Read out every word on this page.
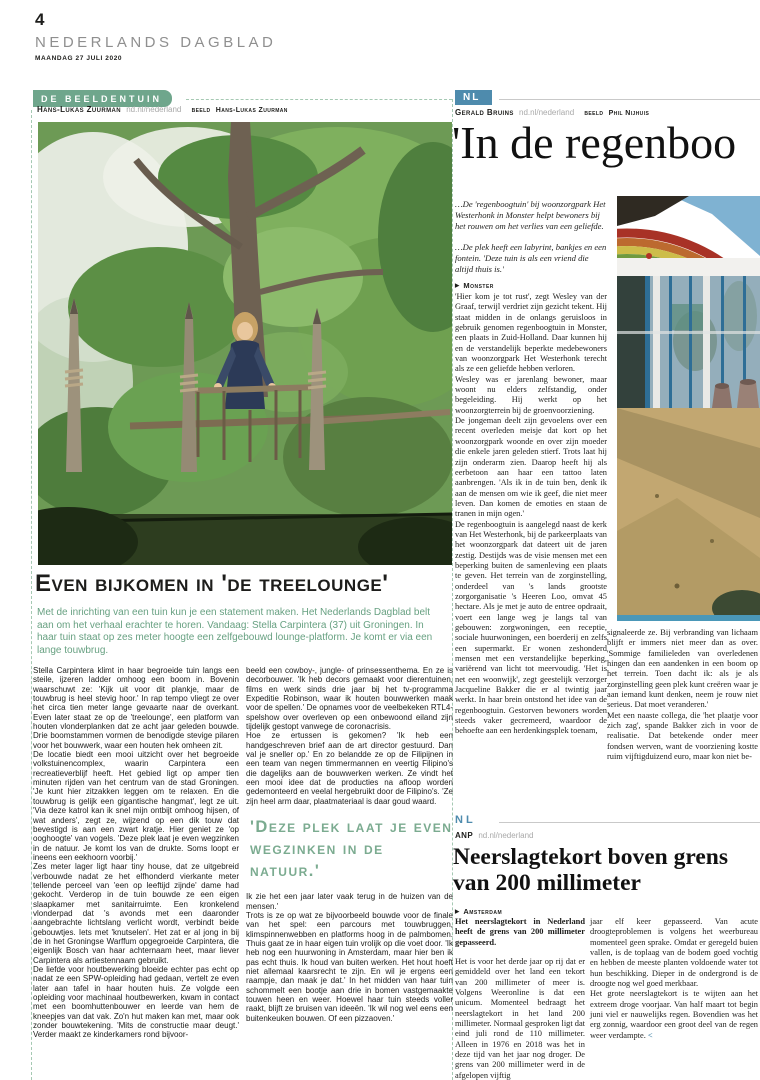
4
NEDERLANDS DAGBLAD
MAANDAG 27 JULI 2020
DE BEELDENTUIN
Hans-Lukas Zuurman nd.nl/nederland beeld Hans-Lukas Zuurman
Even bijkomen in 'de treelounge'

Met de inrichting van een tuin kun je een statement maken. Het Nederlands Dagblad belt aan om het verhaal erachter te horen. Vandaag: Stella Carpintera (37) uit Groningen. In haar tuin staat op zes meter hoogte een zelfgebouwd lounge-platform. Je komt er via een lange touwbrug.

Stella Carpintera klimt in haar begroeide tuin langs een steile, ijzeren ladder omhoog een boom in. Bovenin waarschuwt ze: 'Kijk uit voor dit plankje, maar de touwbrug is heel stevig hoor.' In rap tempo vliegt ze over het circa tien meter lange gevaarte naar de overkant. Even later staat ze op de 'treelounge', een platform van houten vlonderplanken dat ze acht jaar geleden bouwde. Drie boomstammen vormen de benodigde stevige pilaren voor het bouwwerk, waar een houten hek omheen zit.

De locatie biedt een mooi uitzicht over het begroeide volkstuinencomplex, waarin Carpintera een recreatieverblijf heeft. Het gebied ligt op amper tien minuten rijden van het centrum van de stad Groningen. 'Je kunt hier zitzakken leggen om te relaxen. En die touwbrug is gelijk een gigantische hangmat', legt ze uit. 'Via deze katrol kan ik snel mijn ontbijt omhoog hijsen, of wat anders', zegt ze, wijzend op een dik touw dat bevestigd is aan een zwart kratje. Hier geniet ze 'op ooghoogte' van vogels. 'Deze plek laat je even wegzinken in de natuur. Je komt los van de drukte. Soms loopt er ineens een eekhoorn voorbij.'

Zes meter lager ligt haar tiny house, dat ze uitgebreid verbouwde nadat ze het elfhonderd vierkante meter tellende perceel van 'een op leeftijd zijnde' dame had gekocht. Verderop in de tuin bouwde ze een eigen slaapkamer met sanitairruimte. Een kronkelend vlonderpad dat 's avonds met een daaronder aangebrachte lichtslang verlicht wordt, verbindt beide gebouwtjes. Iets met 'knutselen'. Het zat er al jong in bij de in het Groningse Warffum opgegroeide Carpintera, die eigenlijk Bosch van haar achternaam heet, maar liever Carpintera als artiestennaam gebruikt.

De liefde voor houtbewerking bloeide echter pas echt op nadat ze een SPW-opleiding had gedaan, vertelt ze even later aan tafel in haar houten huis. Ze volgde een opleiding voor machinaal houtbewerken, kwam in contact met een boomhuttenbouwer en leerde van hem de kneepjes van dat vak. Zo'n hut maken kan met, maar ook zonder bouwtekening. 'Mits de constructie maar deugt.' Verder maakt ze kinderkamers rond bijvoor-

beeld een cowboy-, jungle- of prinsessenthema. En ze is decorbouwer. 'Ik heb decors gemaakt voor dierentuinen, films en werk sinds drie jaar bij het tv-programma Expeditie Robinson, waar ik houten bouwwerken maak voor de spellen.' De opnames voor de veelbekeken RTL4-spelshow over overleven op een onbewoond eiland zijn tijdelijk gestopt vanwege de coronacrisis.

Hoe ze ertussen is gekomen? 'Ik heb een handgeschreven brief aan de art director gestuurd. Dan val je sneller op.' En zo belandde ze op de Filipijnen in een team van negen timmermannen en veertig Filipino's die dagelijks aan de bouwwerken werken. Ze vindt het een mooi idee dat de producties na afloop worden gedemonteerd en veelal hergebruikt door de Filipino's. 'Ze zijn heel arm daar, plaatmateriaal is daar goud waard.

'Deze plek laat je even wegzinken in de natuur.'

Ik zie het een jaar later vaak terug in de huizen van de mensen.'

Trots is ze op wat ze bijvoorbeeld bouwde voor de finale van het spel: een parcours met touwbruggen, klimspinnenwebben en platforms hoog in de palmbomen. Thuis gaat ze in haar eigen tuin vrolijk op die voet door. 'Ik heb nog een huurwoning in Amsterdam, maar hier ben ik pas echt thuis. Ik houd van buiten werken. Het hout hoeft niet allemaal kaarsrecht te zijn. En wil je ergens een raampje, dan maak je dat.' In het midden van haar tuin schommelt een bootje aan drie in bomen vastgemaakte touwen heen en weer. Hoewel haar tuin steeds voller raakt, blijft ze bruisen van ideeën. 'Ik wil nog wel eens een buitenkeuken bouwen. Of een pizzaoven.'

NL
Gerald Bruins nd.nl/nederland beeld Phil Nijhuis
'In de regenboo

…De 'regenboogtuin' bij woonzorgpark Het Westerhonk in Monster helpt bewoners bij het rouwen om het verlies van een geliefde.

…De plek heeft een labyrint, bankjes en een fontein. 'Deze tuin is als een vriend die altijd thuis is.'

▶ Monster

'Hier kom je tot rust', zegt Wesley van der Graaf, terwijl verdriet zijn gezicht tekent. Hij staat midden in de onlangs geruisloos in gebruik genomen regenboogtuin in Monster, een plaats in Zuid-Holland. Daar kunnen hij en de verstandelijk beperkte medebewoners van woonzorgpark Het Westerhonk terecht als ze een geliefde hebben verloren.

Wesley was er jarenlang bewoner, maar woont nu elders zelfstandig, onder begeleiding. Hij werkt op het woonzorgterrein bij de groenvoorziening.

De jongeman deelt zijn gevoelens over een recent overleden meisje dat kort op het woonzorgpark woonde en over zijn moeder die enkele jaren geleden stierf. Trots laat hij zijn onderarm zien. Daarop heeft hij als eerbetoon aan haar een tattoo laten aanbrengen. 'Als ik in de tuin ben, denk ik aan de mensen om wie ik geef, die niet meer leven. Dan komen de emoties en staan de tranen in mijn ogen.'

De regenboogtuin is aangelegd naast de kerk van Het Westerhonk, bij de parkeerplaats van het woonzorgpark dat dateert uit de jaren zestig. Destijds was de visie mensen met een beperking buiten de samenleving een plaats te geven. Het terrein van de zorginstelling, onderdeel van 's lands grootste zorgorganisatie 's Heeren Loo, omvat 45 hectare. Als je met je auto de entree opdraait, voert een lange weg je langs tal van gebouwen: zorgwoningen, een receptie, sociale huurwoningen, een boerderij en zelfs een supermarkt. Er wonen zeshonderd mensen met een verstandelijke beperking, variërend van licht tot meervoudig. 'Het is net een woonwijk', zegt geestelijk verzorger Jacqueline Bakker die er al twintig jaar werkt. In haar brein ontstond het idee van de regenboogtuin. Gestorven bewoners worden steeds vaker gecremeerd, waardoor de behoefte aan een herdenkingsplek toenam,

signaleerde ze. Bij verbranding van lichaam blijft er immers niet meer dan as over. 'Sommige familieleden van overledenen hingen dan een aandenken in een boom op het terrein. Toen dacht ik: als je als zorginstelling geen plek kunt creëren waar je aan iemand kunt denken, neem je rouw niet serieus. Dat moet veranderen.'

Met een naaste collega, die 'het plaatje voor zich zag', spande Bakker zich in voor de realisatie. Dat betekende onder meer fondsen werven, want de voorziening kostte ruim vijftigduizend euro, maar kon niet be-

NL
ANP nd.nl/nederland
Neerslagtekort boven grens van 200 millimeter
▶ Amsterdam

Het neerslagtekort in Nederland heeft de grens van 200 millimeter gepasseerd.

Het is voor het derde jaar op rij dat er gemiddeld over het land een tekort van 200 millimeter of meer is. Volgens Weeronline is dat een unicum. Momenteel bedraagt het neerslagtekort in het land 200 millimeter. Normaal gesproken ligt dat eind juli rond de 110 millimeter. Alleen in 1976 en 2018 was het in deze tijd van het jaar nog droger. De grens van 200 millimeter werd in de afgelopen vijftig

jaar elf keer gepasseerd. Van acute droogteproblemen is volgens het weerbureau momenteel geen sprake. Omdat er geregeld buien vallen, is de toplaag van de bodem goed vochtig en hebben de meeste planten voldoende water tot hun beschikking. Dieper in de ondergrond is de droogte nog wel goed merkbaar.

Het grote neerslagtekort is te wijten aan het extreem droge voorjaar. Van half maart tot begin juni viel er nauwelijks regen. Bovendien was het erg zonnig, waardoor een groot deel van de regen weer verdampte. <
